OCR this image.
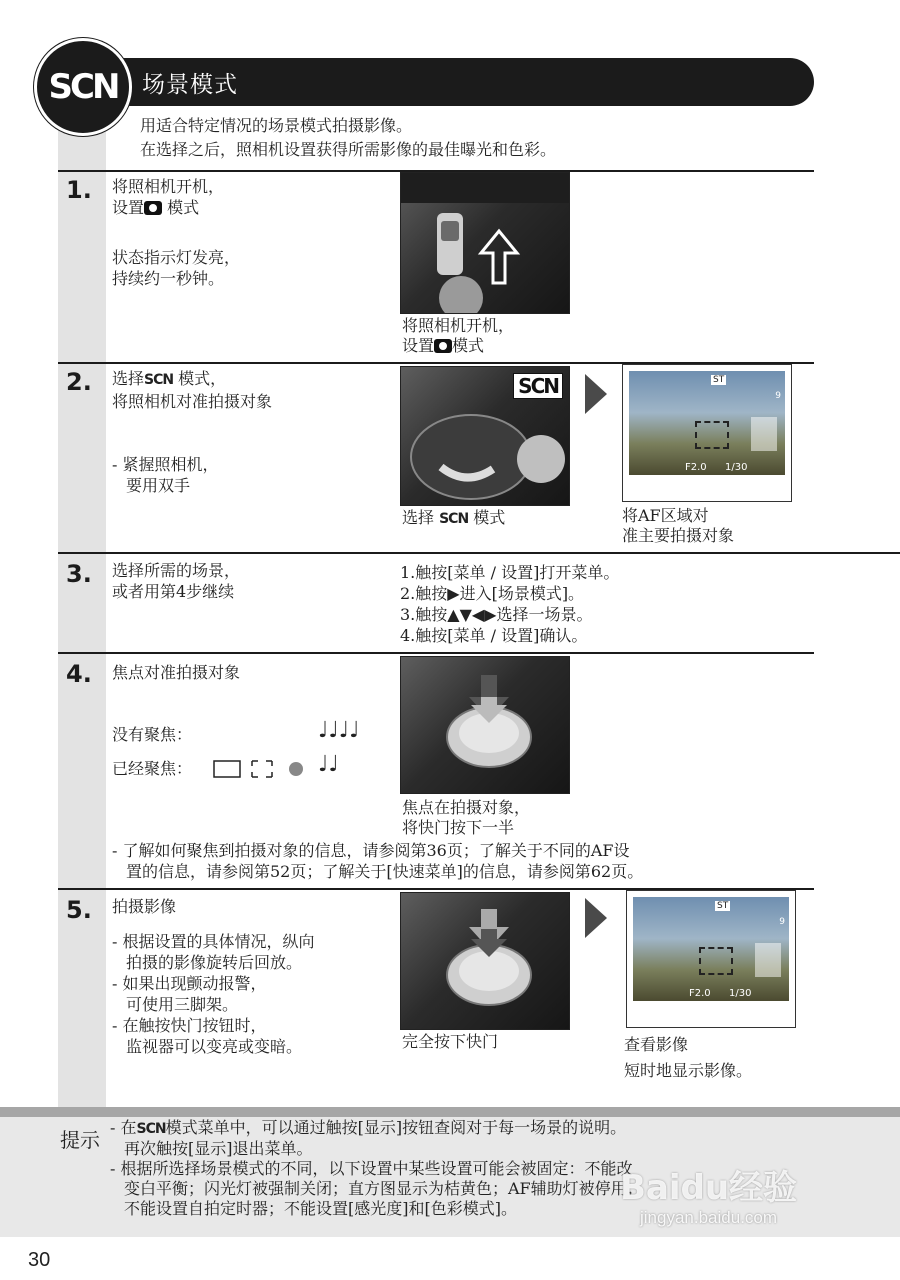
场景模式
SCN
用适合特定情况的场景模式拍摄影像。
在选择之后，照相机设置获得所需影像的最佳曝光和色彩。
1. 将照相机开机，
设置 模式
状态指示灯发亮，
持续约一秒钟。
将照相机开机，
设置 模式
2. 选择SCN 模式，
将照相机对准拍摄对象
- 紧握照相机，
要用双手
SCN	ST
9
F2.0 1/30
选择 SCN 模式	将AF区域对
准主要拍摄对象
3. 选择所需的场景，
或者用第4步继续
1.触按[菜单 / 设置]打开菜单。
2.触按▶进入[场景模式]。
3.触按▲▼◀▶选择一场景。
4.触按[菜单 / 设置]确认。
4. 焦点对准拍摄对象
没有聚焦：	♩♩♩♩
已经聚焦：	♩♩
焦点在拍摄对象，
将快门按下一半
- 了解如何聚焦到拍摄对象的信息，请参阅第36页；了解关于不同的AF设
置的信息，请参阅第52页；了解关于[快速菜单]的信息，请参阅第62页。
5. 拍摄影像
- 根据设置的具体情况，纵向
拍摄的影像旋转后回放。
- 如果出现颤动报警，
可使用三脚架。
- 在触按快门按钮时，
监视器可以变亮或变暗。
ST
9
F2.0 1/30
完全按下快门	查看影像
短时地显示影像。
提示
- 在SCN模式菜单中，可以通过触按[显示]按钮查阅对于每一场景的说明。
再次触按[显示]退出菜单。
- 根据所选择场景模式的不同，以下设置中某些设置可能会被固定：不能改
变白平衡；闪光灯被强制关闭；直方图显示为桔黄色；AF辅助灯被停用；
不能设置自拍定时器；不能设置[感光度]和[色彩模式]。
Baidu经验
jingyan.baidu.com
30
